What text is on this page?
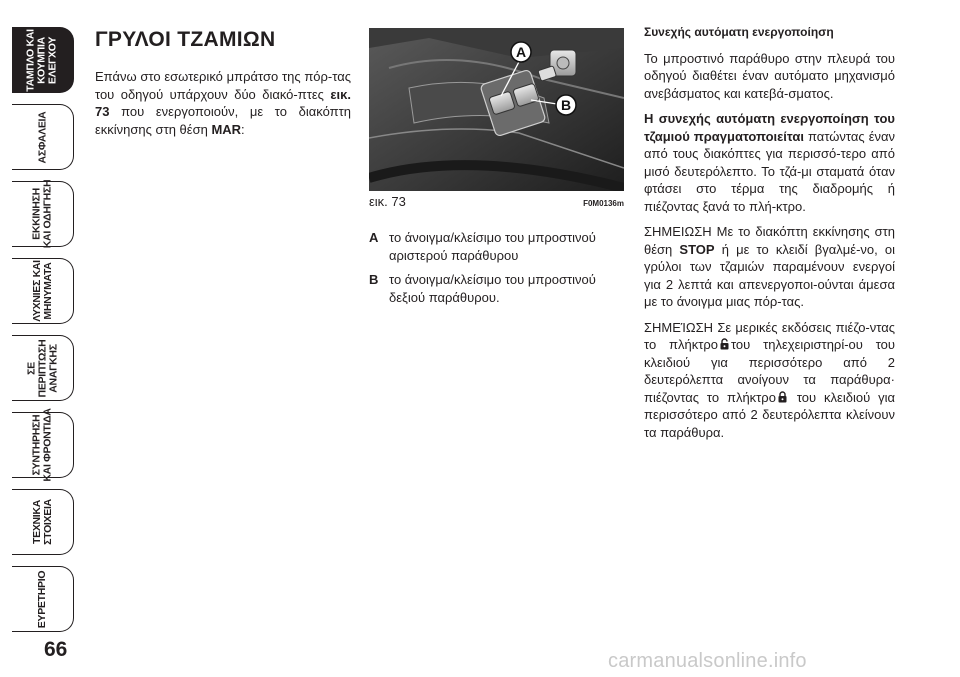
ΤΑΜΠΛΟ ΚΑΙ ΚΟΥΜΠΙΑ ΕΛΕΓΧΟΥ
ΑΣΦΑΛΕΙΑ
ΕΚΚΙΝΗΣΗ ΚΑΙ ΟΔΗΓΗΣΗ
ΛΥΧΝΙΕΣ ΚΑΙ ΜΗΝΥΜΑΤΑ
ΣΕ ΠΕΡΙΠΤΩΣΗ ΑΝΑΓΚΗΣ
ΣΥΝΤΗΡΗΣΗ ΚΑΙ ΦΡΟΝΤΙΔΑ
ΤΕΧΝΙΚΑ ΣΤΟΙΧΕΙΑ
ΕΥΡΕΤΗΡΙΟ
66
ΓΡΥΛΟΙ ΤΖΑΜΙΩΝ
Επάνω στο εσωτερικό μπράτσο της πόρ-τας του οδηγού υπάρχουν δύο διακό-πτες εικ. 73 που ενεργοποιούν, με το διακόπτη εκκίνησης στη θέση MAR:
A
B
εικ. 73	F0M0136m
A το άνοιγμα/κλείσιμο του μπροστινού αριστερού παράθυρου
B το άνοιγμα/κλείσιμο του μπροστινού δεξιού παράθυρου.

Συνεχής αυτόματη ενεργοποίηση

Το μπροστινό παράθυρο στην πλευρά του οδηγού διαθέτει έναν αυτόματο μηχανισμό ανεβάσματος και κατεβά-σματος.

Η συνεχής αυτόματη ενεργοποίηση του τζαμιού πραγματοποιείται πατώντας έναν από τους διακόπτες για περισσό-τερο από μισό δευτερόλεπτο. Το τζά-μι σταματά όταν φτάσει στο τέρμα της διαδρομής ή πιέζοντας ξανά το πλή-κτρο.

ΣΗΜΕΙΩΣΗ Με το διακόπτη εκκίνησης στη θέση STOP ή με το κλειδί βγαλμέ-νο, οι γρύλοι των τζαμιών παραμένουν ενεργοί για 2 λεπτά και απενεργοποι-ούνται άμεσα με το άνοιγμα μιας πόρ-τας.

ΣΗΜΕΊΩΣΗ Σε μερικές εκδόσεις πιέζο-ντας το πλήκτρο του τηλεχειριστηρί-ου του κλειδιού για περισσότερο από 2 δευτερόλεπτα ανοίγουν τα παράθυρα· πιέζοντας το πλήκτρο του κλειδιού για περισσότερο από 2 δευτερόλεπτα κλείνουν τα παράθυρα.

carmanualsonline.info
